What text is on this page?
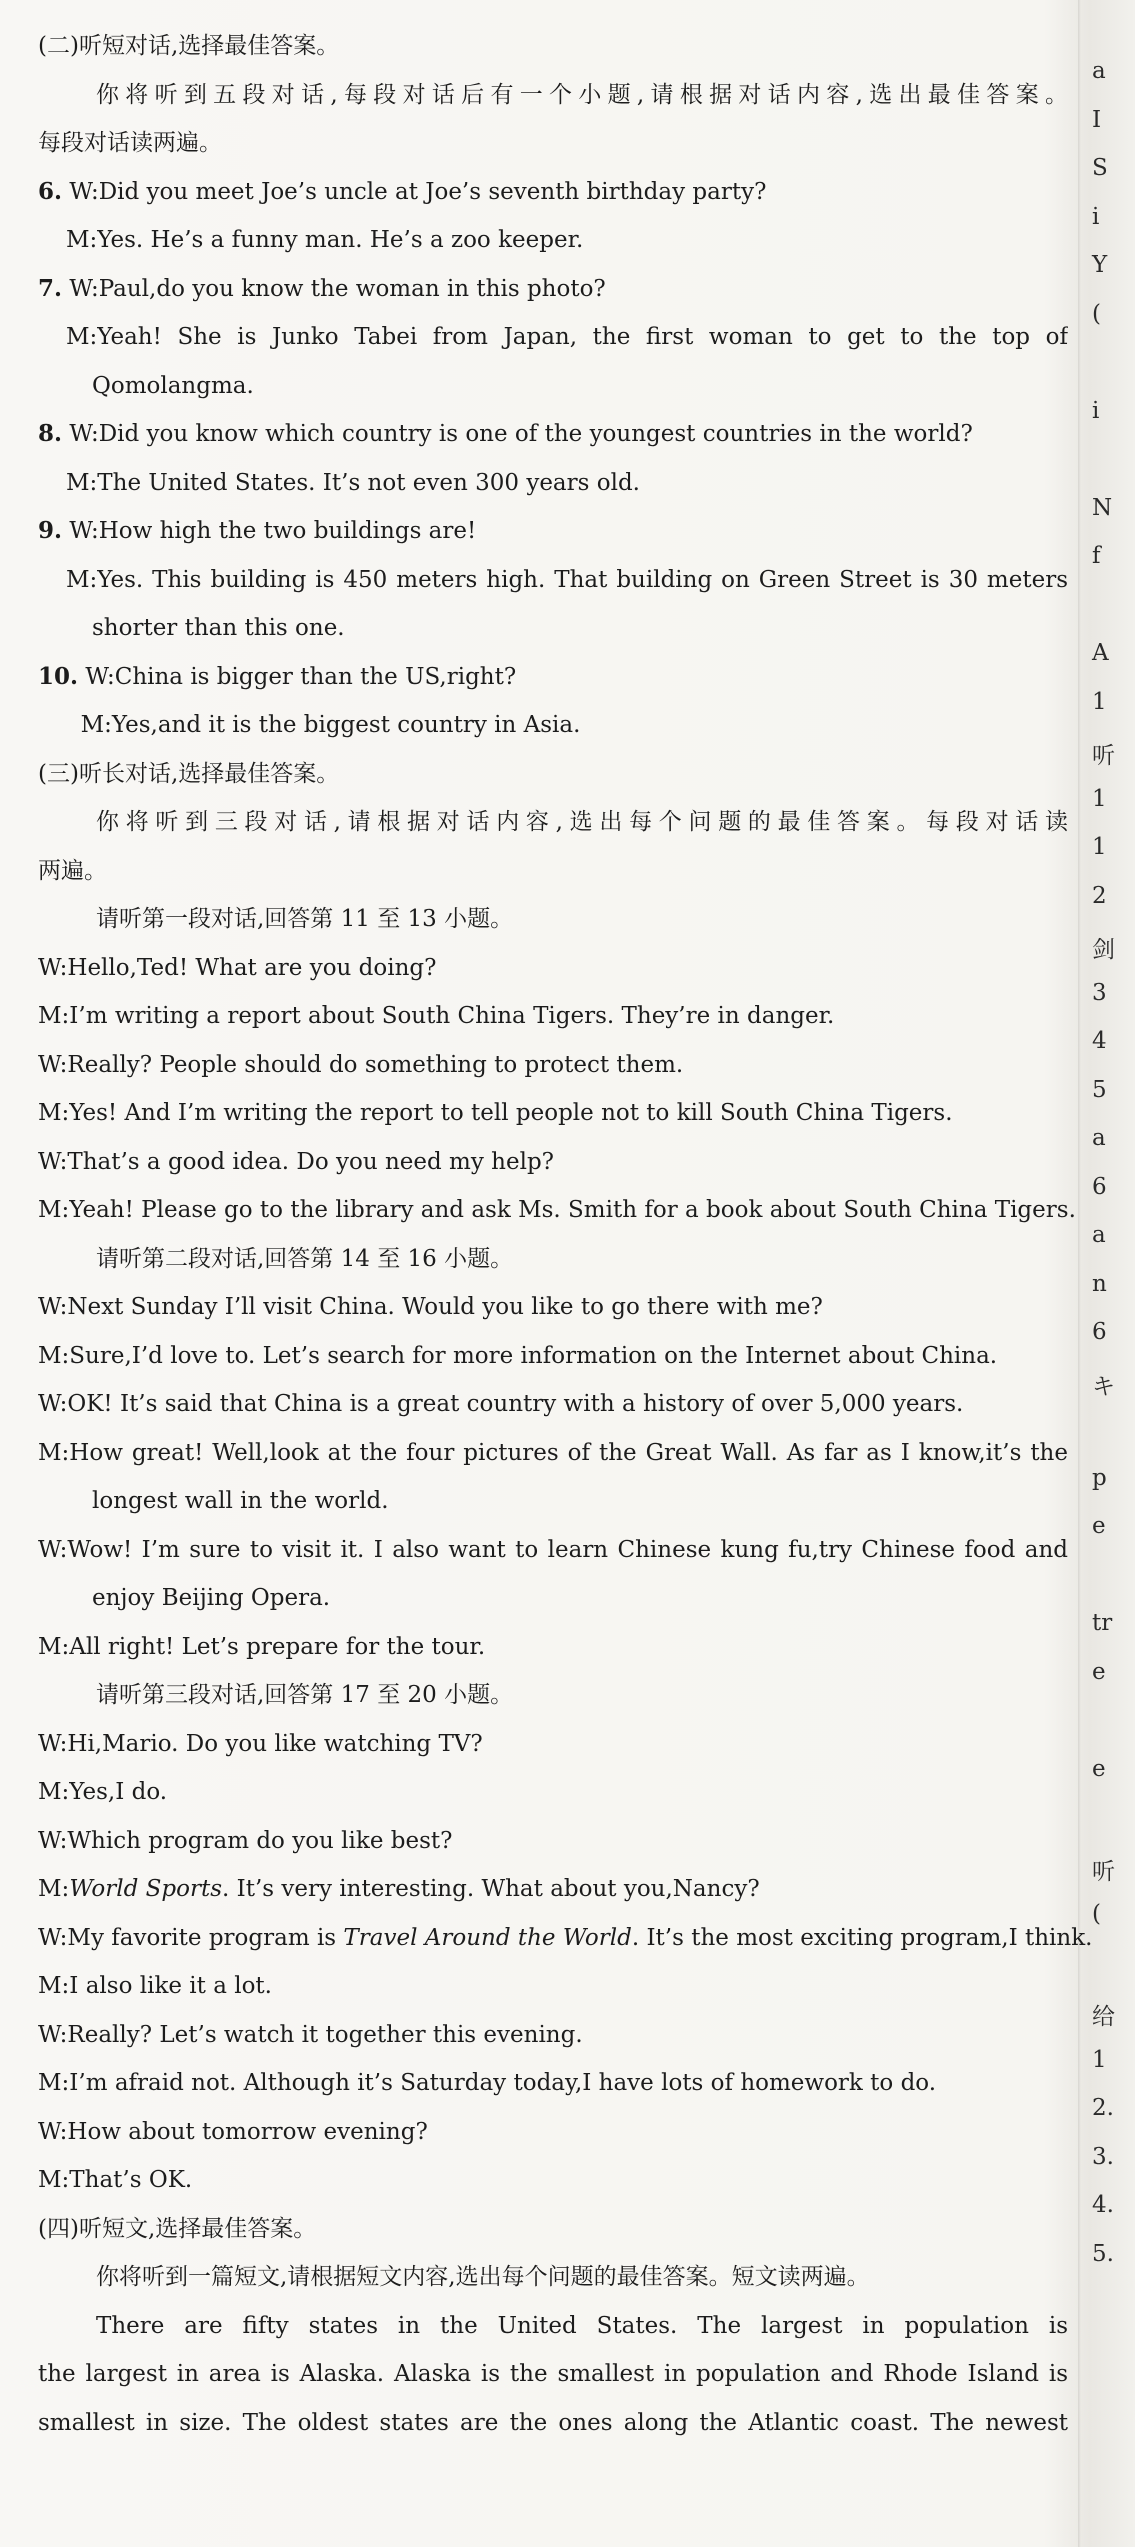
(二)听短对话,选择最佳答案。
你将听到五段对话,每段对话后有一个小题,请根据对话内容,选出最佳答案。
每段对话读两遍。
6. W:Did you meet Joe’s uncle at Joe’s seventh birthday party?
M:Yes. He’s a funny man. He’s a zoo keeper.
7. W:Paul,do you know the woman in this photo?
M:Yeah! She is Junko Tabei from Japan, the first woman to get to the top of
Qomolangma.
8. W:Did you know which country is one of the youngest countries in the world?
M:The United States. It’s not even 300 years old.
9. W:How high the two buildings are!
M:Yes. This building is 450 meters high. That building on Green Street is 30 meters
shorter than this one.
10. W:China is bigger than the US,right?
M:Yes,and it is the biggest country in Asia.
(三)听长对话,选择最佳答案。
你将听到三段对话,请根据对话内容,选出每个问题的最佳答案。每段对话读
两遍。
请听第一段对话,回答第 11 至 13 小题。
W:Hello,Ted! What are you doing?
M:I’m writing a report about South China Tigers. They’re in danger.
W:Really? People should do something to protect them.
M:Yes! And I’m writing the report to tell people not to kill South China Tigers.
W:That’s a good idea. Do you need my help?
M:Yeah! Please go to the library and ask Ms. Smith for a book about South China Tigers.
请听第二段对话,回答第 14 至 16 小题。
W:Next Sunday I’ll visit China. Would you like to go there with me?
M:Sure,I’d love to. Let’s search for more information on the Internet about China.
W:OK! It’s said that China is a great country with a history of over 5,000 years.
M:How great! Well,look at the four pictures of the Great Wall. As far as I know,it’s the
longest wall in the world.
W:Wow! I’m sure to visit it. I also want to learn Chinese kung fu,try Chinese food and
enjoy Beijing Opera.
M:All right! Let’s prepare for the tour.
请听第三段对话,回答第 17 至 20 小题。
W:Hi,Mario. Do you like watching TV?
M:Yes,I do.
W:Which program do you like best?
M:World Sports. It’s very interesting. What about you,Nancy?
W:My favorite program is Travel Around the World. It’s the most exciting program,I think.
M:I also like it a lot.
W:Really? Let’s watch it together this evening.
M:I’m afraid not. Although it’s Saturday today,I have lots of homework to do.
W:How about tomorrow evening?
M:That’s OK.
(四)听短文,选择最佳答案。
你将听到一篇短文,请根据短文内容,选出每个问题的最佳答案。短文读两遍。
There are fifty states in the United States. The largest in population is
the largest in area is Alaska. Alaska is the smallest in population and Rhode Island is
smallest in size. The oldest states are the ones along the Atlantic coast. The newest
a
I
S
i
Y
(
i
N
f
A
1
听
1
1
2
剑
3
4
5
a
6
a
n
6
キ
p
e
tr
e
e
听
(
给
1
2.
3.
4.
5.
